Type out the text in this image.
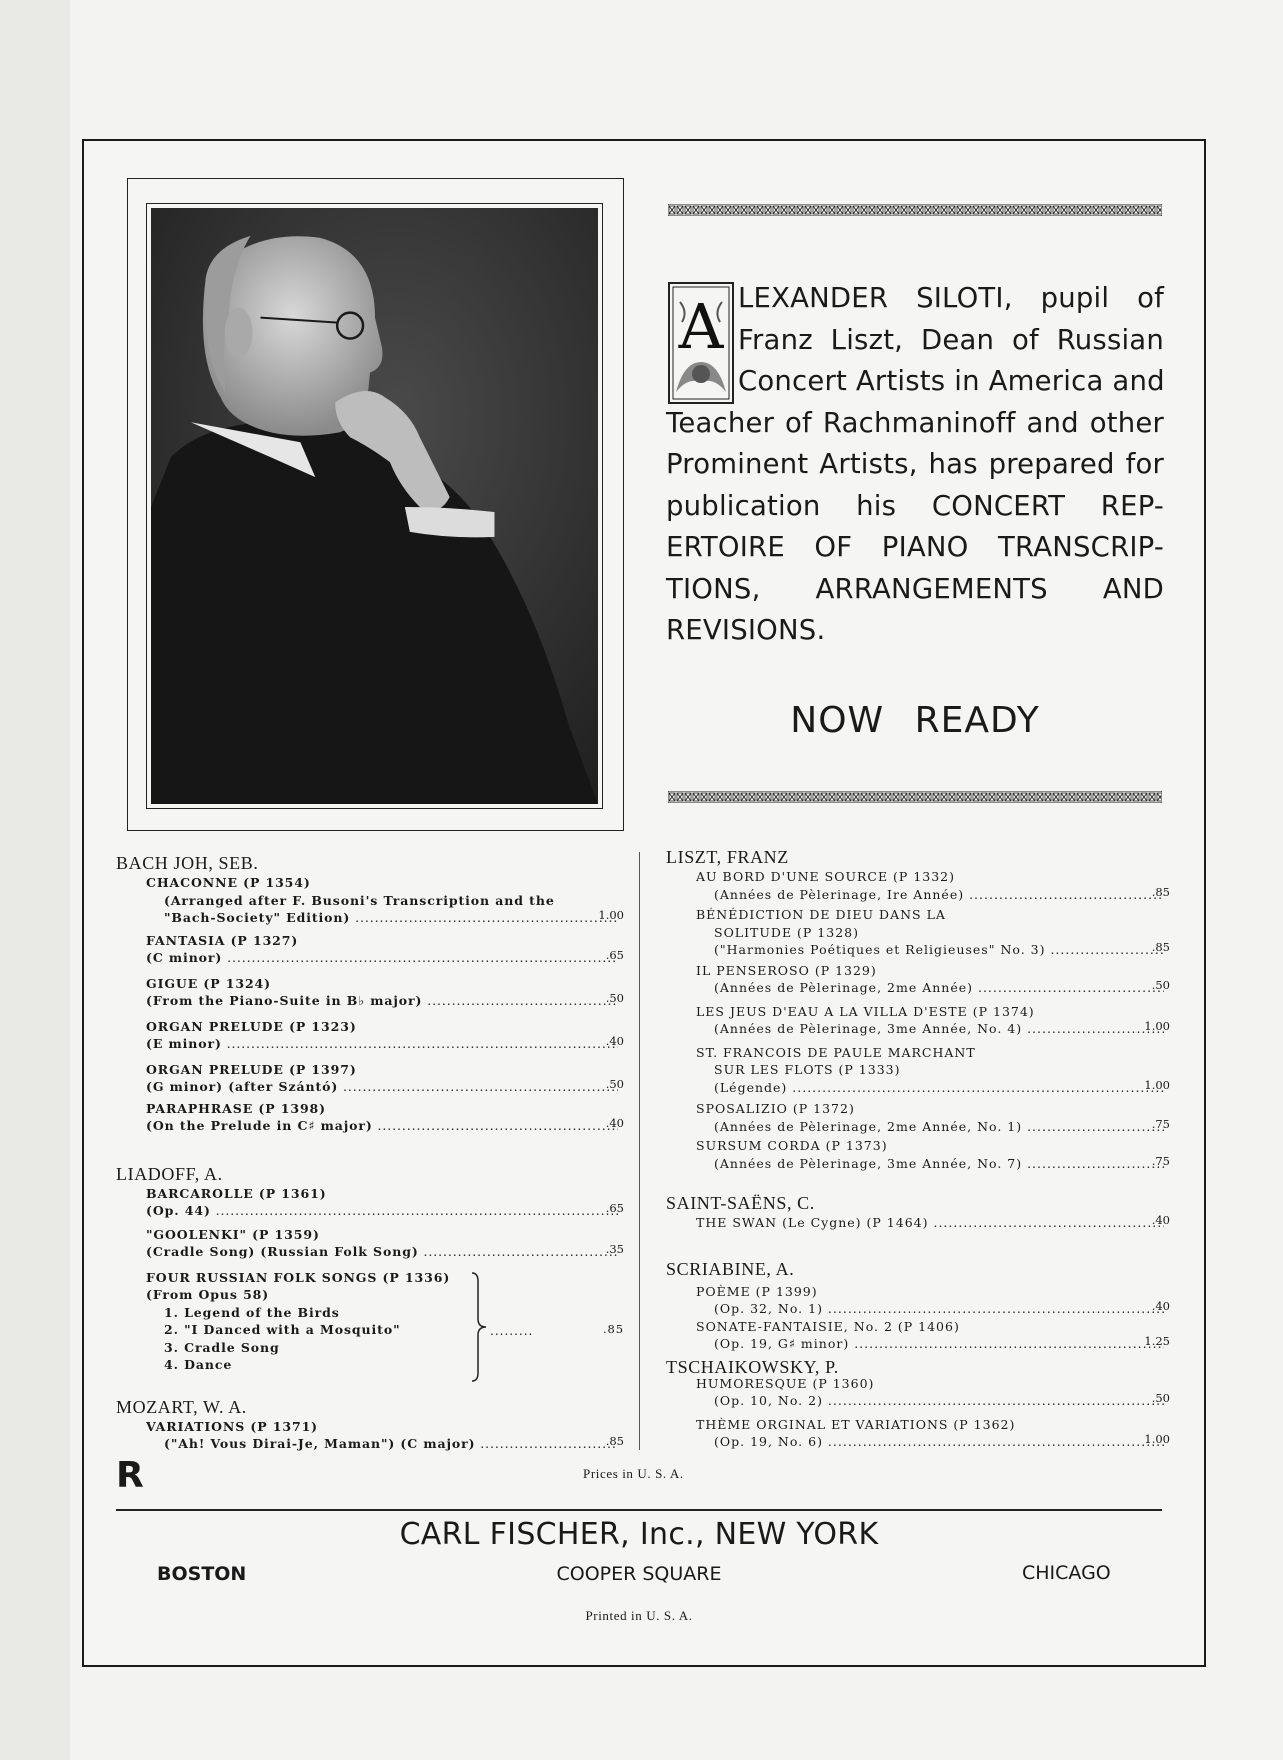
A LEXANDER SILOTI, pupil of
Franz Liszt, Dean of Russian
Concert Artists in America and
Teacher of Rachmaninoff and other
Prominent Artists, has prepared for
publication his CONCERT REP-
ERTOIRE OF PIANO TRANSCRIP-
TIONS, ARRANGEMENTS AND
REVISIONS.
NOW READY
BACH JOH, SEB.
CHACONNE (P 1354)
(Arranged after F. Busoni's Transcription and the
"Bach-Society" Edition) .....	1.00
FANTASIA (P 1327)
(C minor) .....	.65
GIGUE (P 1324)
(From the Piano-Suite in B♭ major) .....	.50
ORGAN PRELUDE (P 1323)
(E minor) .....	.40
ORGAN PRELUDE (P 1397)
(G minor) (after Szántó) .....	.50
PARAPHRASE (P 1398)
(On the Prelude in C♯ major) .....	.40
LIADOFF, A.
BARCAROLLE (P 1361)
(Op. 44) .....	.65
"GOOLENKI" (P 1359)
(Cradle Song) (Russian Folk Song) .....	.35
FOUR RUSSIAN FOLK SONGS (P 1336)
(From Opus 58)
1. Legend of the Birds
2. "I Danced with a Mosquito"
3. Cradle Song
4. Dance
.........	.85
MOZART, W. A.
VARIATIONS (P 1371)
("Ah! Vous Dirai-Je, Maman") (C major) .....	.85
LISZT, FRANZ
AU BORD D'UNE SOURCE (P 1332)
(Années de Pèlerinage, Ire Année) .....	.85
BÉNÉDICTION DE DIEU DANS LA
SOLITUDE (P 1328)
("Harmonies Poétiques et Religieuses" No. 3) .....	.85
IL PENSEROSO (P 1329)
(Années de Pèlerinage, 2me Année) .....	.50
LES JEUS D'EAU A LA VILLA D'ESTE (P 1374)
(Années de Pèlerinage, 3me Année, No. 4) .....	1.00
ST. FRANCOIS DE PAULE MARCHANT
SUR LES FLOTS (P 1333)
(Légende) .....	1.00
SPOSALIZIO (P 1372)
(Années de Pèlerinage, 2me Année, No. 1) .....	.75
SURSUM CORDA (P 1373)
(Années de Pèlerinage, 3me Année, No. 7) .....	.75
SAINT-SAËNS, C.
THE SWAN (Le Cygne) (P 1464) .....	.40
SCRIABINE, A.
POÈME (P 1399)
(Op. 32, No. 1) .....	.40
SONATE-FANTAISIE, No. 2 (P 1406)
(Op. 19, G♯ minor) .....	1.25
TSCHAIKOWSKY, P.
HUMORESQUE (P 1360)
(Op. 10, No. 2) .....	.50
THÈME ORGINAL ET VARIATIONS (P 1362)
(Op. 19, No. 6) .....	1.00
R	Prices in U. S. A.
CARL FISCHER, Inc., NEW YORK
BOSTON	COOPER SQUARE	CHICAGO
Printed in U. S. A.
